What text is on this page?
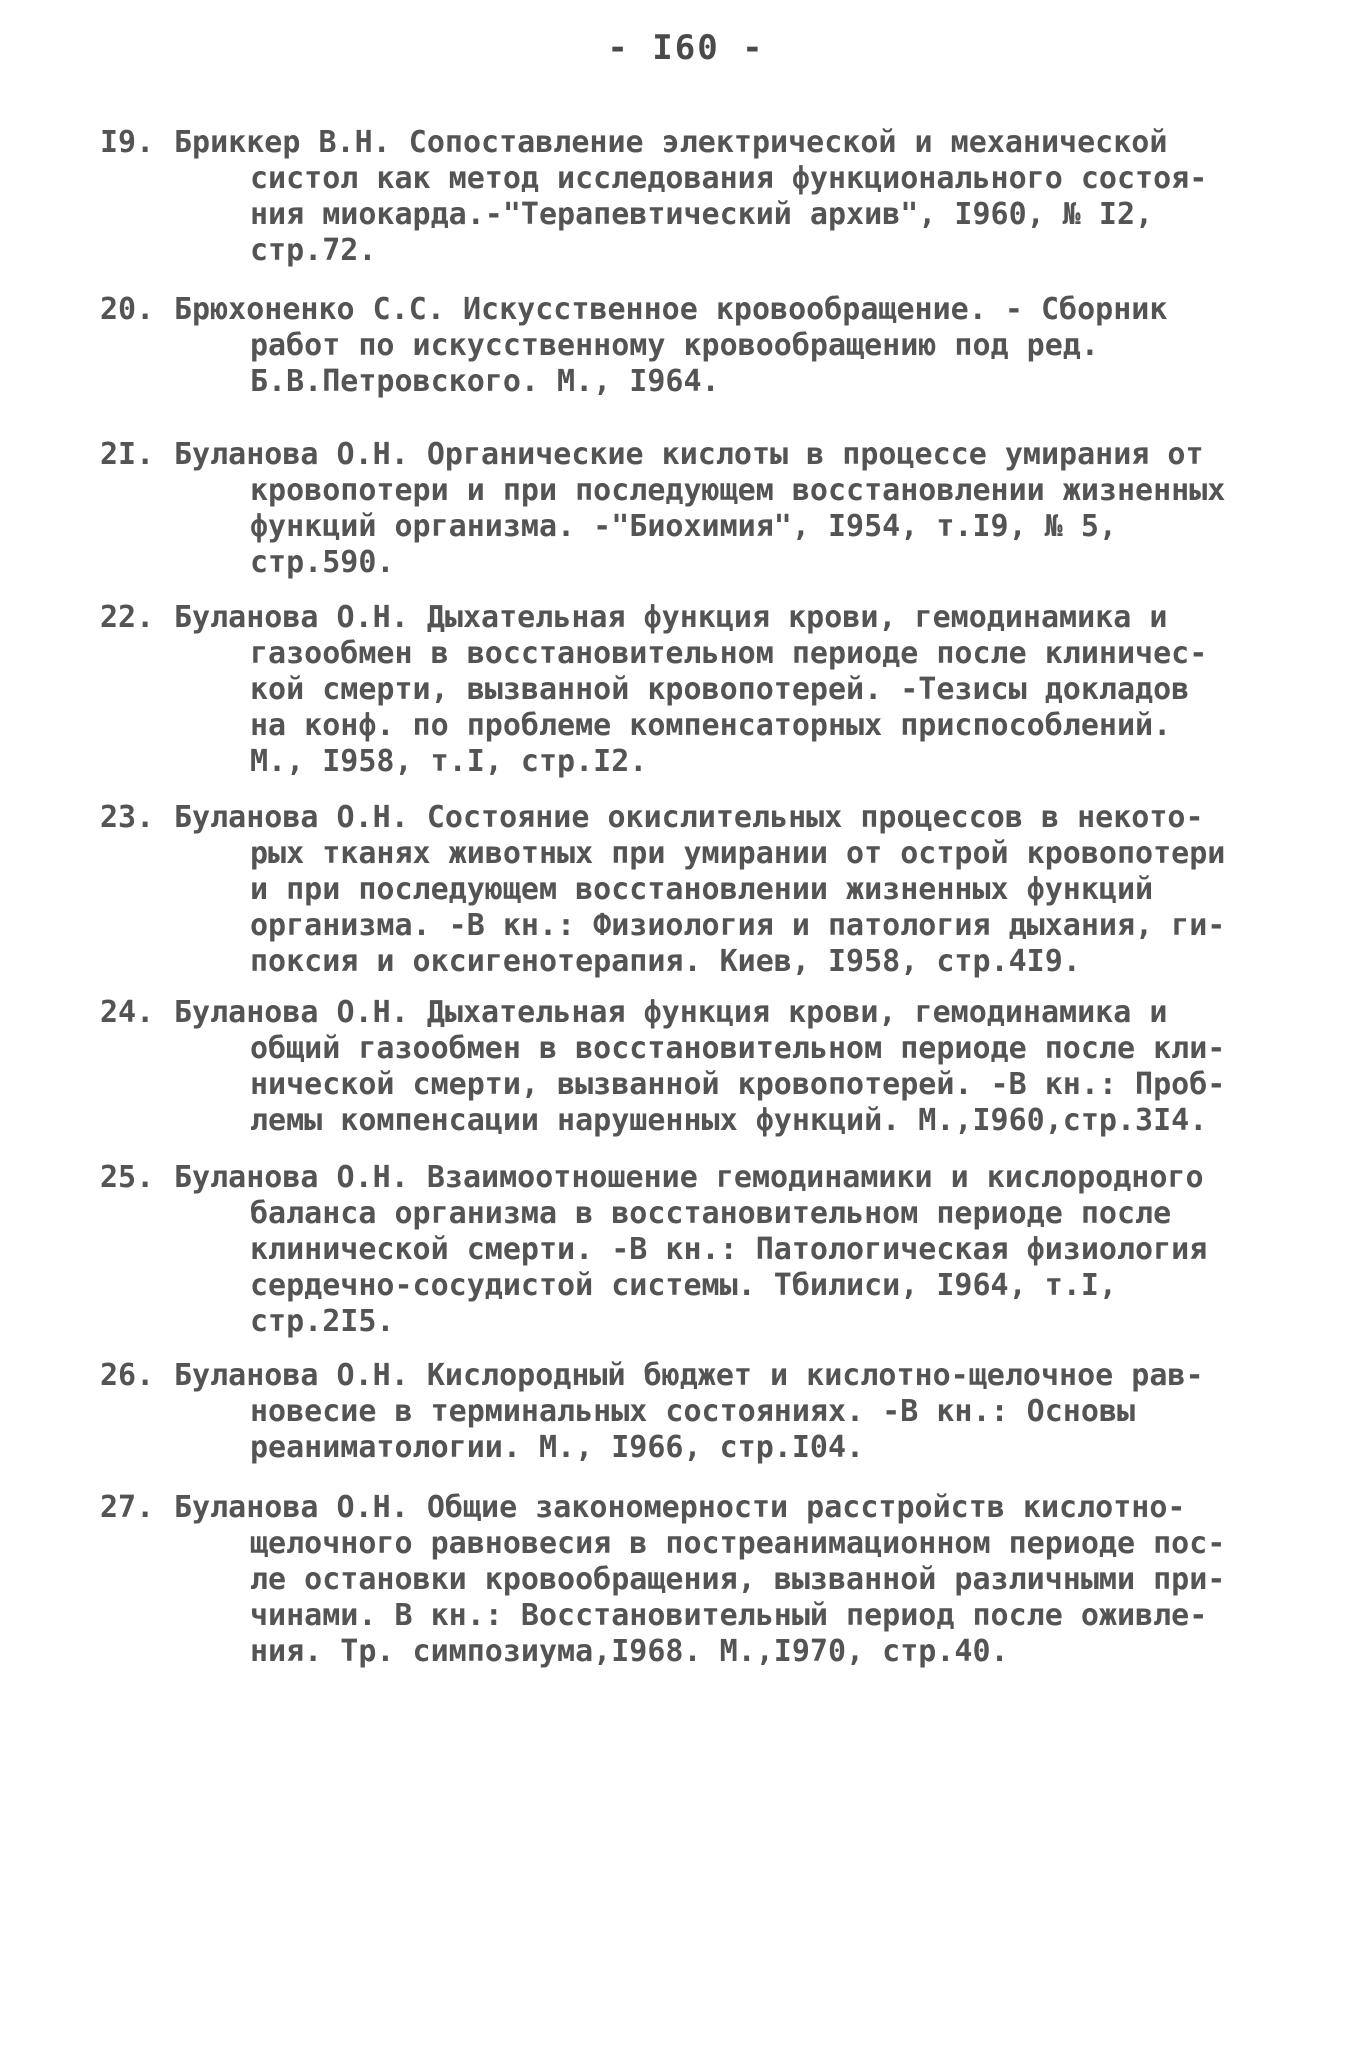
- I60 -
I9. Бриккер В.Н. Сопоставление электрической и механической
систол как метод исследования функционального состоя-
ния миокарда.-"Терапевтический архив", I960, № I2,
стр.72.
20. Брюхоненко С.С. Искусственное кровообращение. - Сборник
работ по искусственному кровообращению под ред.
Б.В.Петровского. М., I964.
2I. Буланова О.Н. Органические кислоты в процессе умирания от
кровопотери и при последующем восстановлении жизненных
функций организма. -"Биохимия", I954, т.I9, № 5,
стр.590.
22. Буланова О.Н. Дыхательная функция крови, гемодинамика и
газообмен в восстановительном периоде после клиничес-
кой смерти, вызванной кровопотерей. -Тезисы докладов
на конф. по проблеме компенсаторных приспособлений.
М., I958, т.I, стр.I2.
23. Буланова О.Н. Состояние окислительных процессов в некото-
рых тканях животных при умирании от острой кровопотери
и при последующем восстановлении жизненных функций
организма. -В кн.: Физиология и патология дыхания, ги-
поксия и оксигенотерапия. Киев, I958, стр.4I9.
24. Буланова О.Н. Дыхательная функция крови, гемодинамика и
общий газообмен в восстановительном периоде после кли-
нической смерти, вызванной кровопотерей. -В кн.: Проб-
лемы компенсации нарушенных функций. М.,I960,стр.3I4.
25. Буланова О.Н. Взаимоотношение гемодинамики и кислородного
баланса организма в восстановительном периоде после
клинической смерти. -В кн.: Патологическая физиология
сердечно-сосудистой системы. Тбилиси, I964, т.I,
стр.2I5.
26. Буланова О.Н. Кислородный бюджет и кислотно-щелочное рав-
новесие в терминальных состояниях. -В кн.: Основы
реаниматологии. М., I966, стр.I04.
27. Буланова О.Н. Общие закономерности расстройств кислотно-
щелочного равновесия в постреанимационном периоде пос-
ле остановки кровообращения, вызванной различными при-
чинами. В кн.: Восстановительный период после оживле-
ния. Тр. симпозиума,I968. М.,I970, стр.40.
